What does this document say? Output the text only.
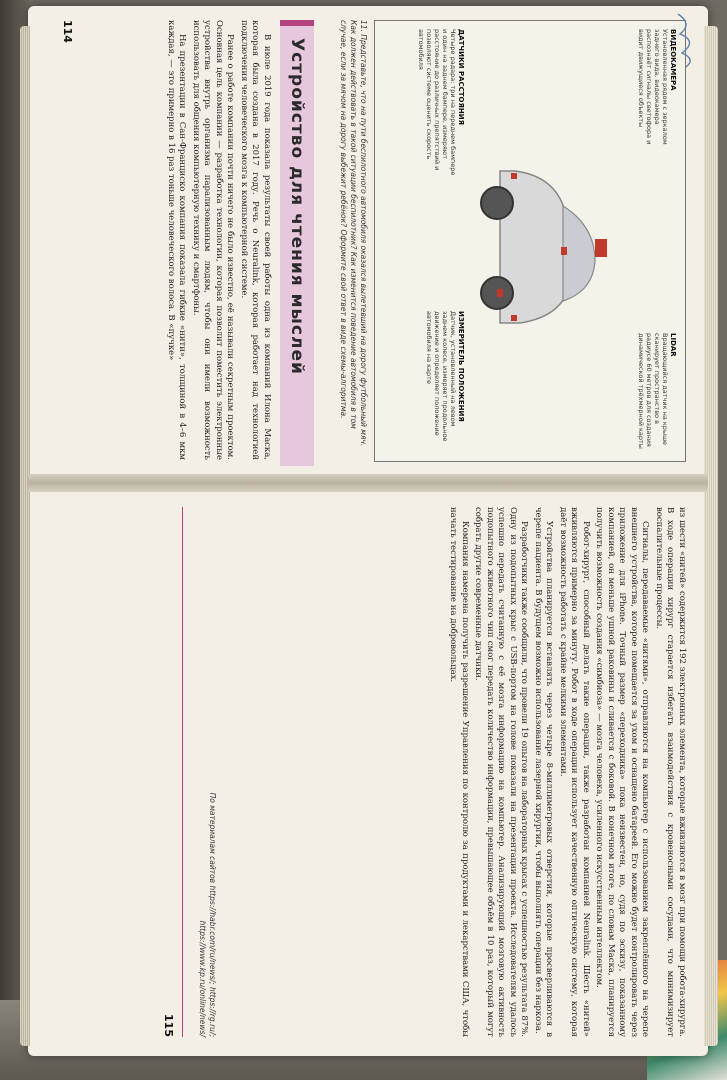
ВИДЕОКАМЕРА
Установленная рядом с зеркалом заднего вида, видеокамера распознаёт сигналы светофора и видит движущиеся объекты
LIDAR
Вращающийся датчик на крыше сканирует пространство в радиусе 60 метров для создания динамической трёхмерной карты
ДАТЧИКИ РАССТОЯНИЯ
Четыре радара: три на переднем бампере и один на заднем бампере, измеряют расстояние до различных препятствий и позволяют системе оценить скорость автомобиля
ИЗМЕРИТЕЛЬ ПОЛОЖЕНИЯ
Датчик, установленный на левом заднем колесе, измеряет продольное движение и определяет положение автомобиля на карте
11. Представьте, что на пути беспилотного автомобиля оказался вылетевший на дорогу футбольный мяч. Как должен действовать в такой ситуации беспилотник? Как изменится поведение автомобиля в том случае, если за мячом на дорогу выбежит ребёнок? Оформите свой ответ в виде схемы-алгоритма.
Устройство для чтения мыслей

В июле 2019 года показала результаты своей работы одна из компаний Илона Маска, которая была создана в 2017 году. Речь о Neuralink, которая работает над технологией подключения человеческого мозга к компьютерной системе.

Ранее о работе компании почти ничего не было известно, её называли секретным проектом. Основная цель компании — разработка технологии, которая позволит поместить электронные устройства внутрь организма парализованным людям, чтобы они имели возможность использовать для общения компьютерную технику и смартфоны.

На презентации в Сан-Франциско компания показала гибкие «нити», толщиной в 4–6 мкм каждая, — это примерно в 16 раз тоньше человеческого волоса. В «пучке»

114

из шести «нитей» содержится 192 электронных элемента, которые вживляются в мозг при помощи робота-хирурга. В ходе операции хирург старается избегать взаимодействия с кровеносными сосудами, что минимизирует воспалительные процессы.

Сигналы, передаваемые «нитями», отправляются на компьютер с использованием закреплённого на черепе внешнего устройства, которое помещается за ухом и оснащено батареей. Его можно будет контролировать через приложение для iPhone. Точный размер «переходника» пока неизвестен, но, судя по эскизу, показанному компанией, он меньше ушной раковины и сливается с боковой. В конечном итоге, по словам Маска, планируется получить возможность создания «симбиоза» — мозга человека, усиленного искусственным интеллектом.

Робот-хирург, способный делать такие операции, также разработан компанией Neuralink. Шесть «нитей» вживляются примерно за минуту. Робот в ходе операции использует качественную оптическую систему, которая даёт возможность работать с крайне мелкими элементами.

Устройства планируется вставлять через четыре 8-миллиметровых отверстия, которые просверливаются в черепе пациента. В будущем возможно использование лазерной хирургии, чтобы выполнять операции без наркоза.

Разработчики также сообщили, что провели 19 опытов на лабораторных крысах с успешностью результата 87%. Одну из подопытных крыс с USB-портом на голове показали на презентации проекта. Исследователям удалось успешно передать считанную с её мозга информацию на компьютер. Анализирующий мозговую активность подопытного животного чип смог передать количество информации, превышающее объём в 10 раз, который могут собрать другие современные датчики.

Компания намерена получить разрешение Управления по контролю за продуктами и лекарствами США, чтобы начать тестирование на добровольцах.

По материалам сайтов https://habr.com/ru/news/; https://rg.ru/; https://www.kp.ru/online/news/
115
